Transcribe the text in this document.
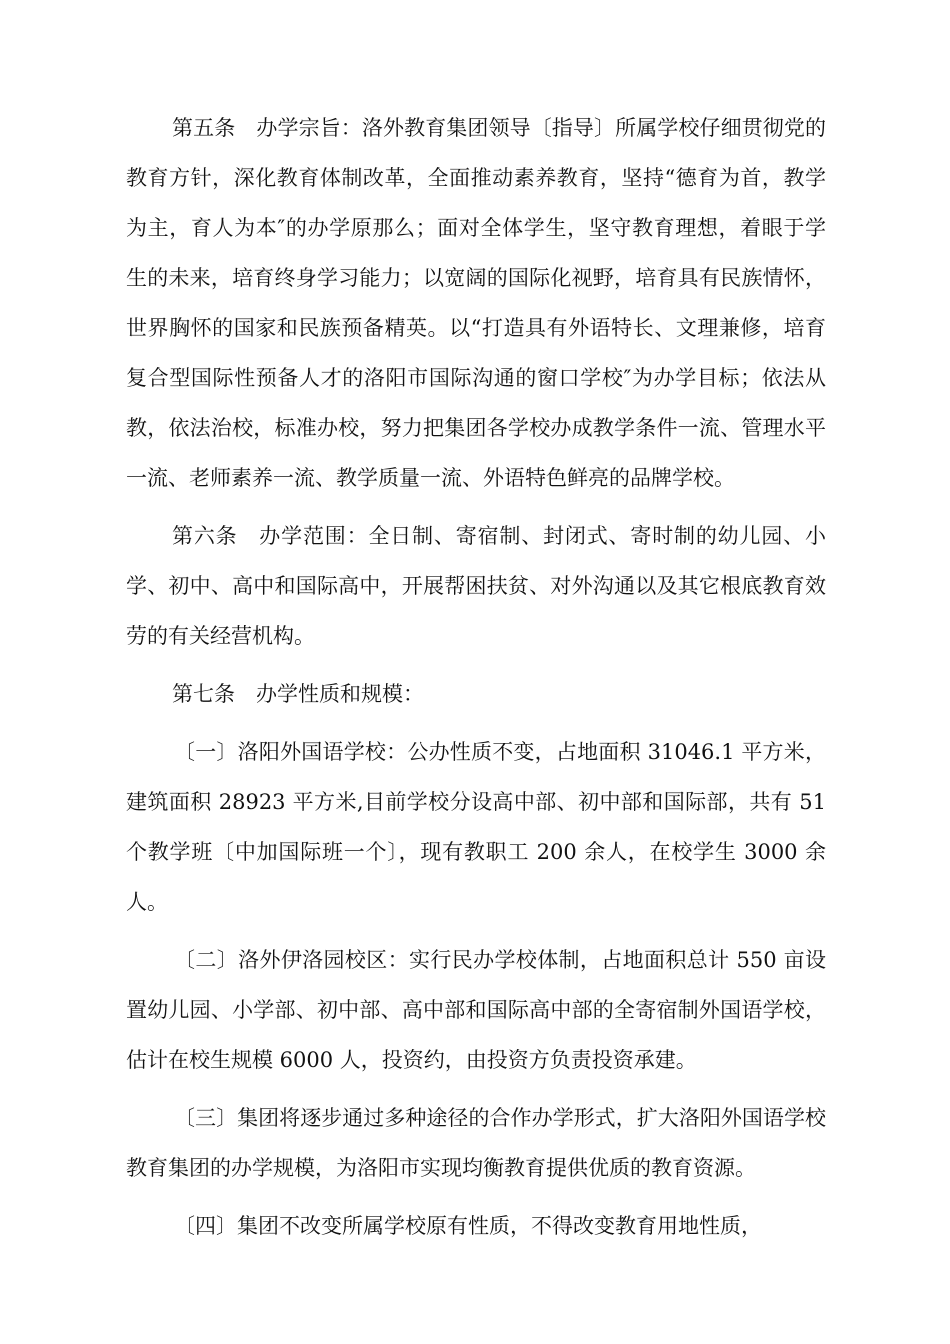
第五条　办学宗旨：洛外教育集团领导〔指导〕所属学校仔细贯彻党的教育方针，深化教育体制改革，全面推动素养教育，坚持“德育为首，教学为主，育人为本″的办学原那么；面对全体学生，坚守教育理想，着眼于学生的未来，培育终身学习能力；以宽阔的国际化视野，培育具有民族情怀，世界胸怀的国家和民族预备精英。以“打造具有外语特长、文理兼修，培育复合型国际性预备人才的洛阳市国际沟通的窗口学校″为办学目标；依法从教，依法治校，标准办校，努力把集团各学校办成教学条件一流、管理水平一流、老师素养一流、教学质量一流、外语特色鲜亮的品牌学校。

第六条　办学范围：全日制、寄宿制、封闭式、寄时制的幼儿园、小学、初中、高中和国际高中，开展帮困扶贫、对外沟通以及其它根底教育效劳的有关经营机构。

第七条　办学性质和规模：

〔一〕洛阳外国语学校：公办性质不变，占地面积 31046.1 平方米，建筑面积 28923 平方米,目前学校分设高中部、初中部和国际部，共有 51 个教学班〔中加国际班一个〕，现有教职工 200 余人，在校学生 3000 余人。

〔二〕洛外伊洛园校区：实行民办学校体制，占地面积总计 550 亩设置幼儿园、小学部、初中部、高中部和国际高中部的全寄宿制外国语学校，估计在校生规模 6000 人，投资约，由投资方负责投资承建。

〔三〕集团将逐步通过多种途径的合作办学形式，扩大洛阳外国语学校教育集团的办学规模，为洛阳市实现均衡教育提供优质的教育资源。

〔四〕集团不改变所属学校原有性质，不得改变教育用地性质，
